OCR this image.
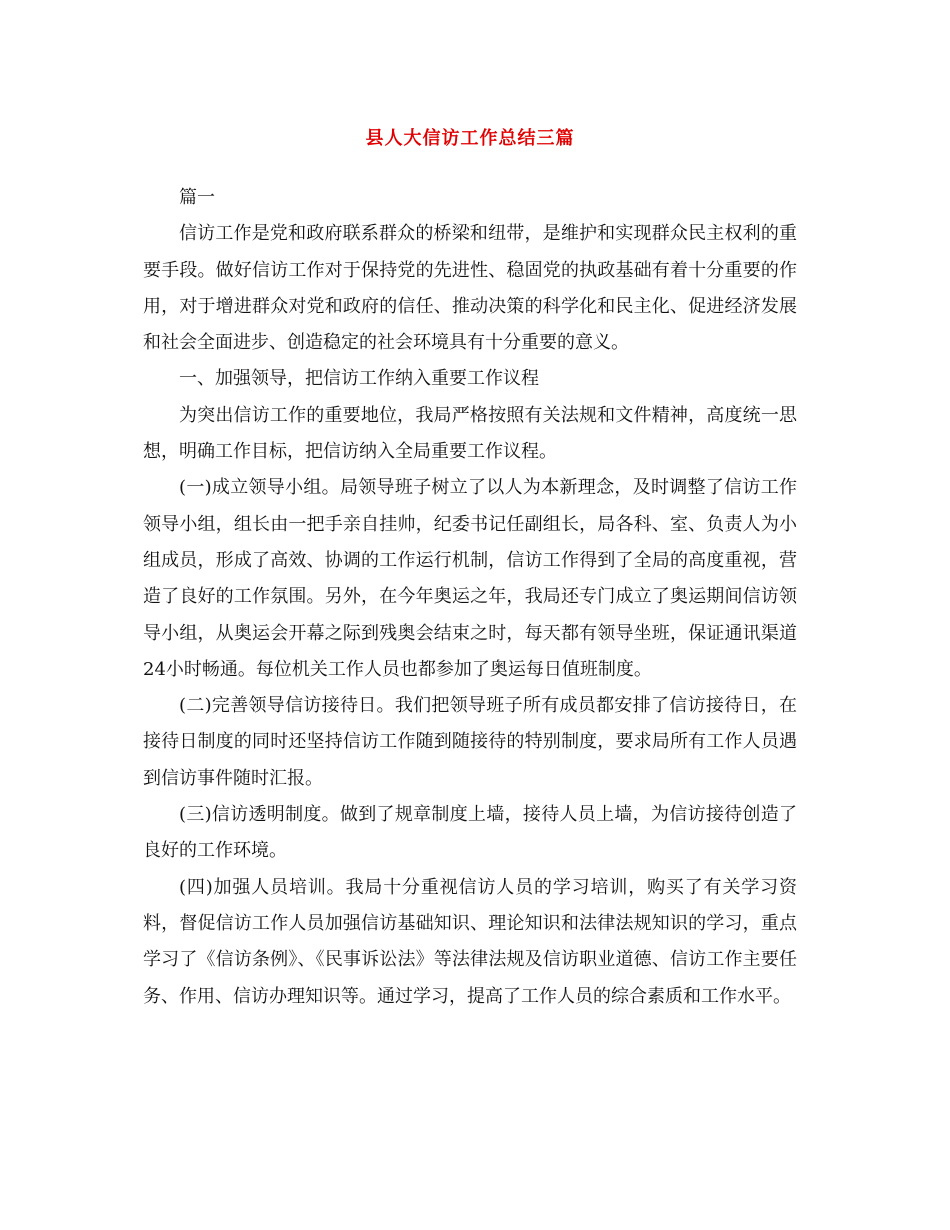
县人大信访工作总结三篇

篇一

信访工作是党和政府联系群众的桥梁和纽带，是维护和实现群众民主权利的重要手段。做好信访工作对于保持党的先进性、稳固党的执政基础有着十分重要的作用，对于增进群众对党和政府的信任、推动决策的科学化和民主化、促进经济发展和社会全面进步、创造稳定的社会环境具有十分重要的意义。

一、加强领导，把信访工作纳入重要工作议程

为突出信访工作的重要地位，我局严格按照有关法规和文件精神，高度统一思想，明确工作目标，把信访纳入全局重要工作议程。

(一)成立领导小组。局领导班子树立了以人为本新理念，及时调整了信访工作领导小组，组长由一把手亲自挂帅，纪委书记任副组长，局各科、室、负责人为小组成员，形成了高效、协调的工作运行机制，信访工作得到了全局的高度重视，营造了良好的工作氛围。另外，在今年奥运之年，我局还专门成立了奥运期间信访领导小组，从奥运会开幕之际到残奥会结束之时，每天都有领导坐班，保证通讯渠道24小时畅通。每位机关工作人员也都参加了奥运每日值班制度。

(二)完善领导信访接待日。我们把领导班子所有成员都安排了信访接待日，在接待日制度的同时还坚持信访工作随到随接待的特别制度，要求局所有工作人员遇到信访事件随时汇报。

(三)信访透明制度。做到了规章制度上墙，接待人员上墙，为信访接待创造了良好的工作环境。

(四)加强人员培训。我局十分重视信访人员的学习培训，购买了有关学习资料，督促信访工作人员加强信访基础知识、理论知识和法律法规知识的学习，重点学习了《信访条例》、《民事诉讼法》等法律法规及信访职业道德、信访工作主要任务、作用、信访办理知识等。通过学习，提高了工作人员的综合素质和工作水平。
